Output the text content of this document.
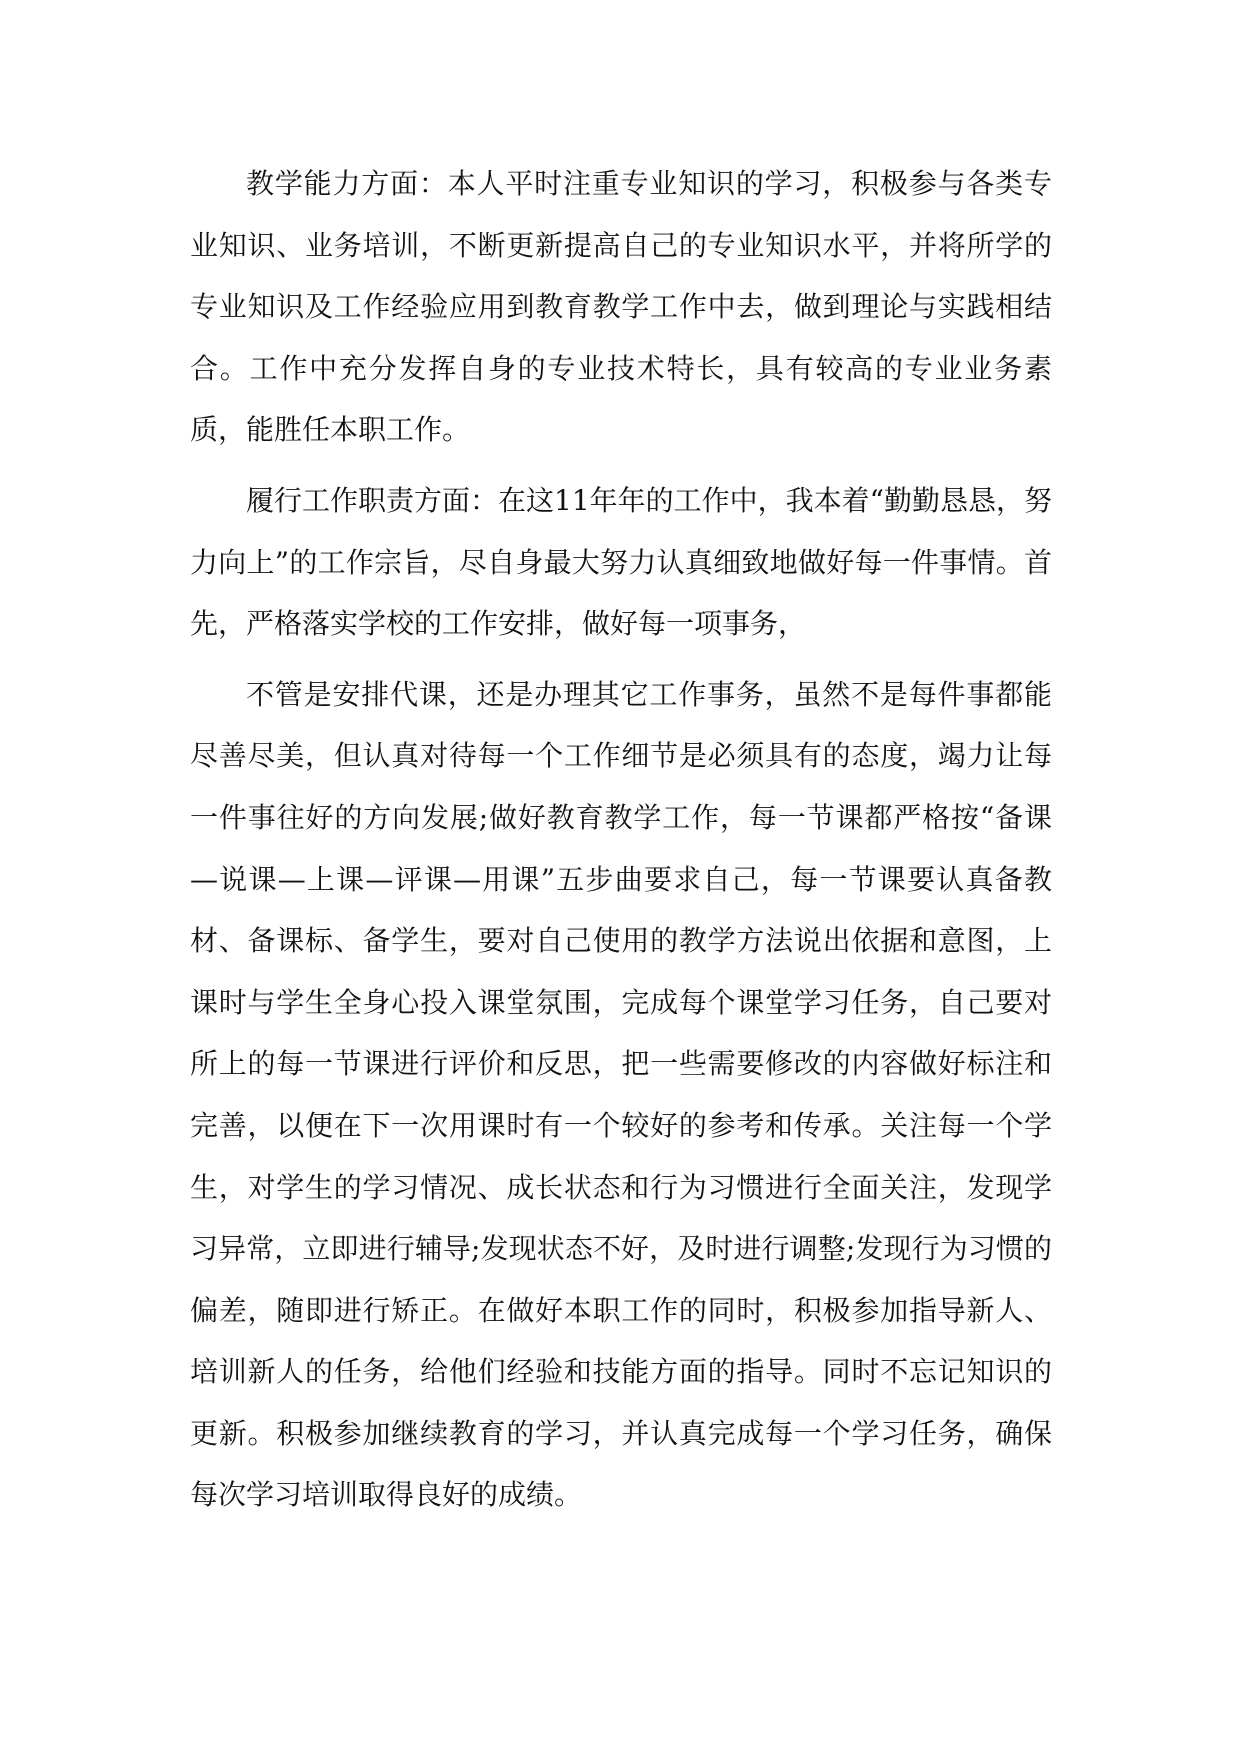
教学能力方面：本人平时注重专业知识的学习，积极参与各类专业知识、业务培训，不断更新提高自己的专业知识水平，并将所学的专业知识及工作经验应用到教育教学工作中去，做到理论与实践相结合。工作中充分发挥自身的专业技术特长，具有较高的专业业务素质，能胜任本职工作。

履行工作职责方面：在这11年年的工作中，我本着“勤勤恳恳，努力向上”的工作宗旨，尽自身最大努力认真细致地做好每一件事情。首先，严格落实学校的工作安排，做好每一项事务，

不管是安排代课，还是办理其它工作事务，虽然不是每件事都能尽善尽美，但认真对待每一个工作细节是必须具有的态度，竭力让每一件事往好的方向发展;做好教育教学工作，每一节课都严格按“备课—说课—上课—评课—用课”五步曲要求自己，每一节课要认真备教材、备课标、备学生，要对自己使用的教学方法说出依据和意图，上课时与学生全身心投入课堂氛围，完成每个课堂学习任务，自己要对所上的每一节课进行评价和反思，把一些需要修改的内容做好标注和完善，以便在下一次用课时有一个较好的参考和传承。关注每一个学生，对学生的学习情况、成长状态和行为习惯进行全面关注，发现学习异常，立即进行辅导;发现状态不好，及时进行调整;发现行为习惯的偏差，随即进行矫正。在做好本职工作的同时，积极参加指导新人、培训新人的任务，给他们经验和技能方面的指导。同时不忘记知识的更新。积极参加继续教育的学习，并认真完成每一个学习任务，确保每次学习培训取得良好的成绩。
